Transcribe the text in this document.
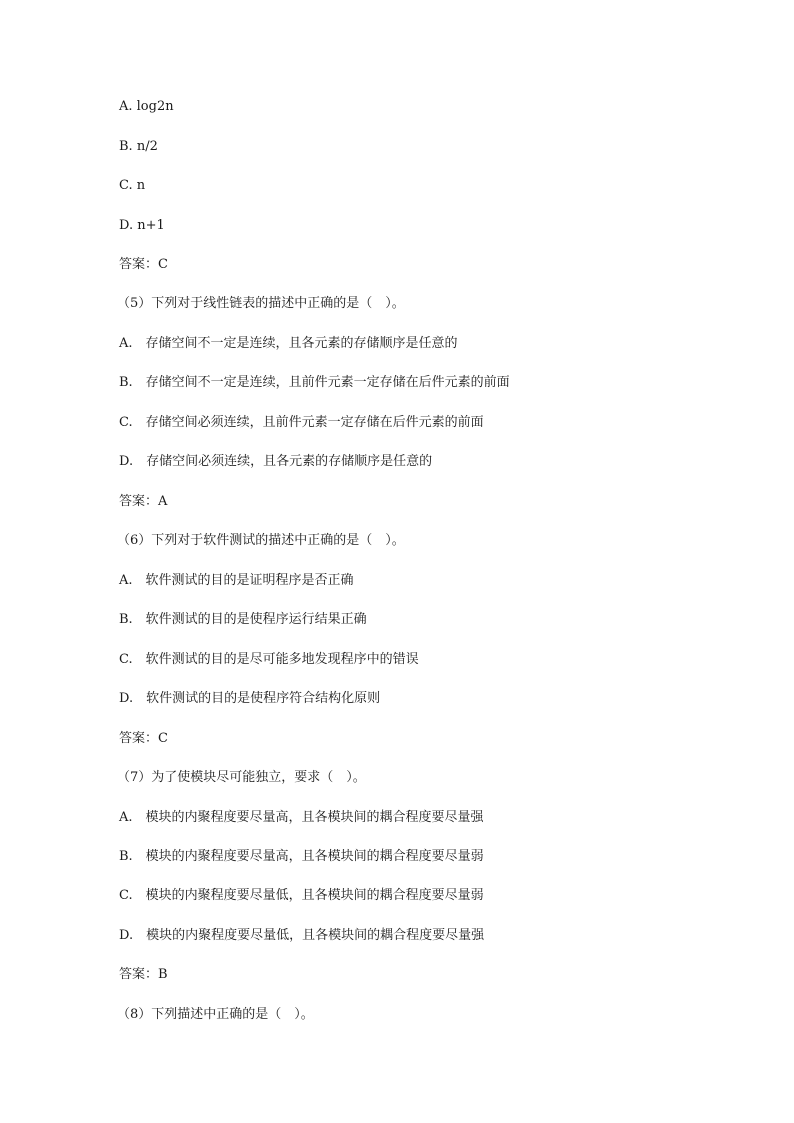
A. log2n
B. n/2
C. n
D. n+1
答案：C
（5）下列对于线性链表的描述中正确的是（　）。
A.　存储空间不一定是连续，且各元素的存储顺序是任意的
B.　存储空间不一定是连续，且前件元素一定存储在后件元素的前面
C.　存储空间必须连续，且前件元素一定存储在后件元素的前面
D.　存储空间必须连续，且各元素的存储顺序是任意的
答案：A
（6）下列对于软件测试的描述中正确的是（　）。
A.　软件测试的目的是证明程序是否正确
B.　软件测试的目的是使程序运行结果正确
C.　软件测试的目的是尽可能多地发现程序中的错误
D.　软件测试的目的是使程序符合结构化原则
答案：C
（7）为了使模块尽可能独立，要求（　）。
A.　模块的内聚程度要尽量高，且各模块间的耦合程度要尽量强
B.　模块的内聚程度要尽量高，且各模块间的耦合程度要尽量弱
C.　模块的内聚程度要尽量低，且各模块间的耦合程度要尽量弱
D.　模块的内聚程度要尽量低，且各模块间的耦合程度要尽量强
答案：B
（8）下列描述中正确的是（　）。
